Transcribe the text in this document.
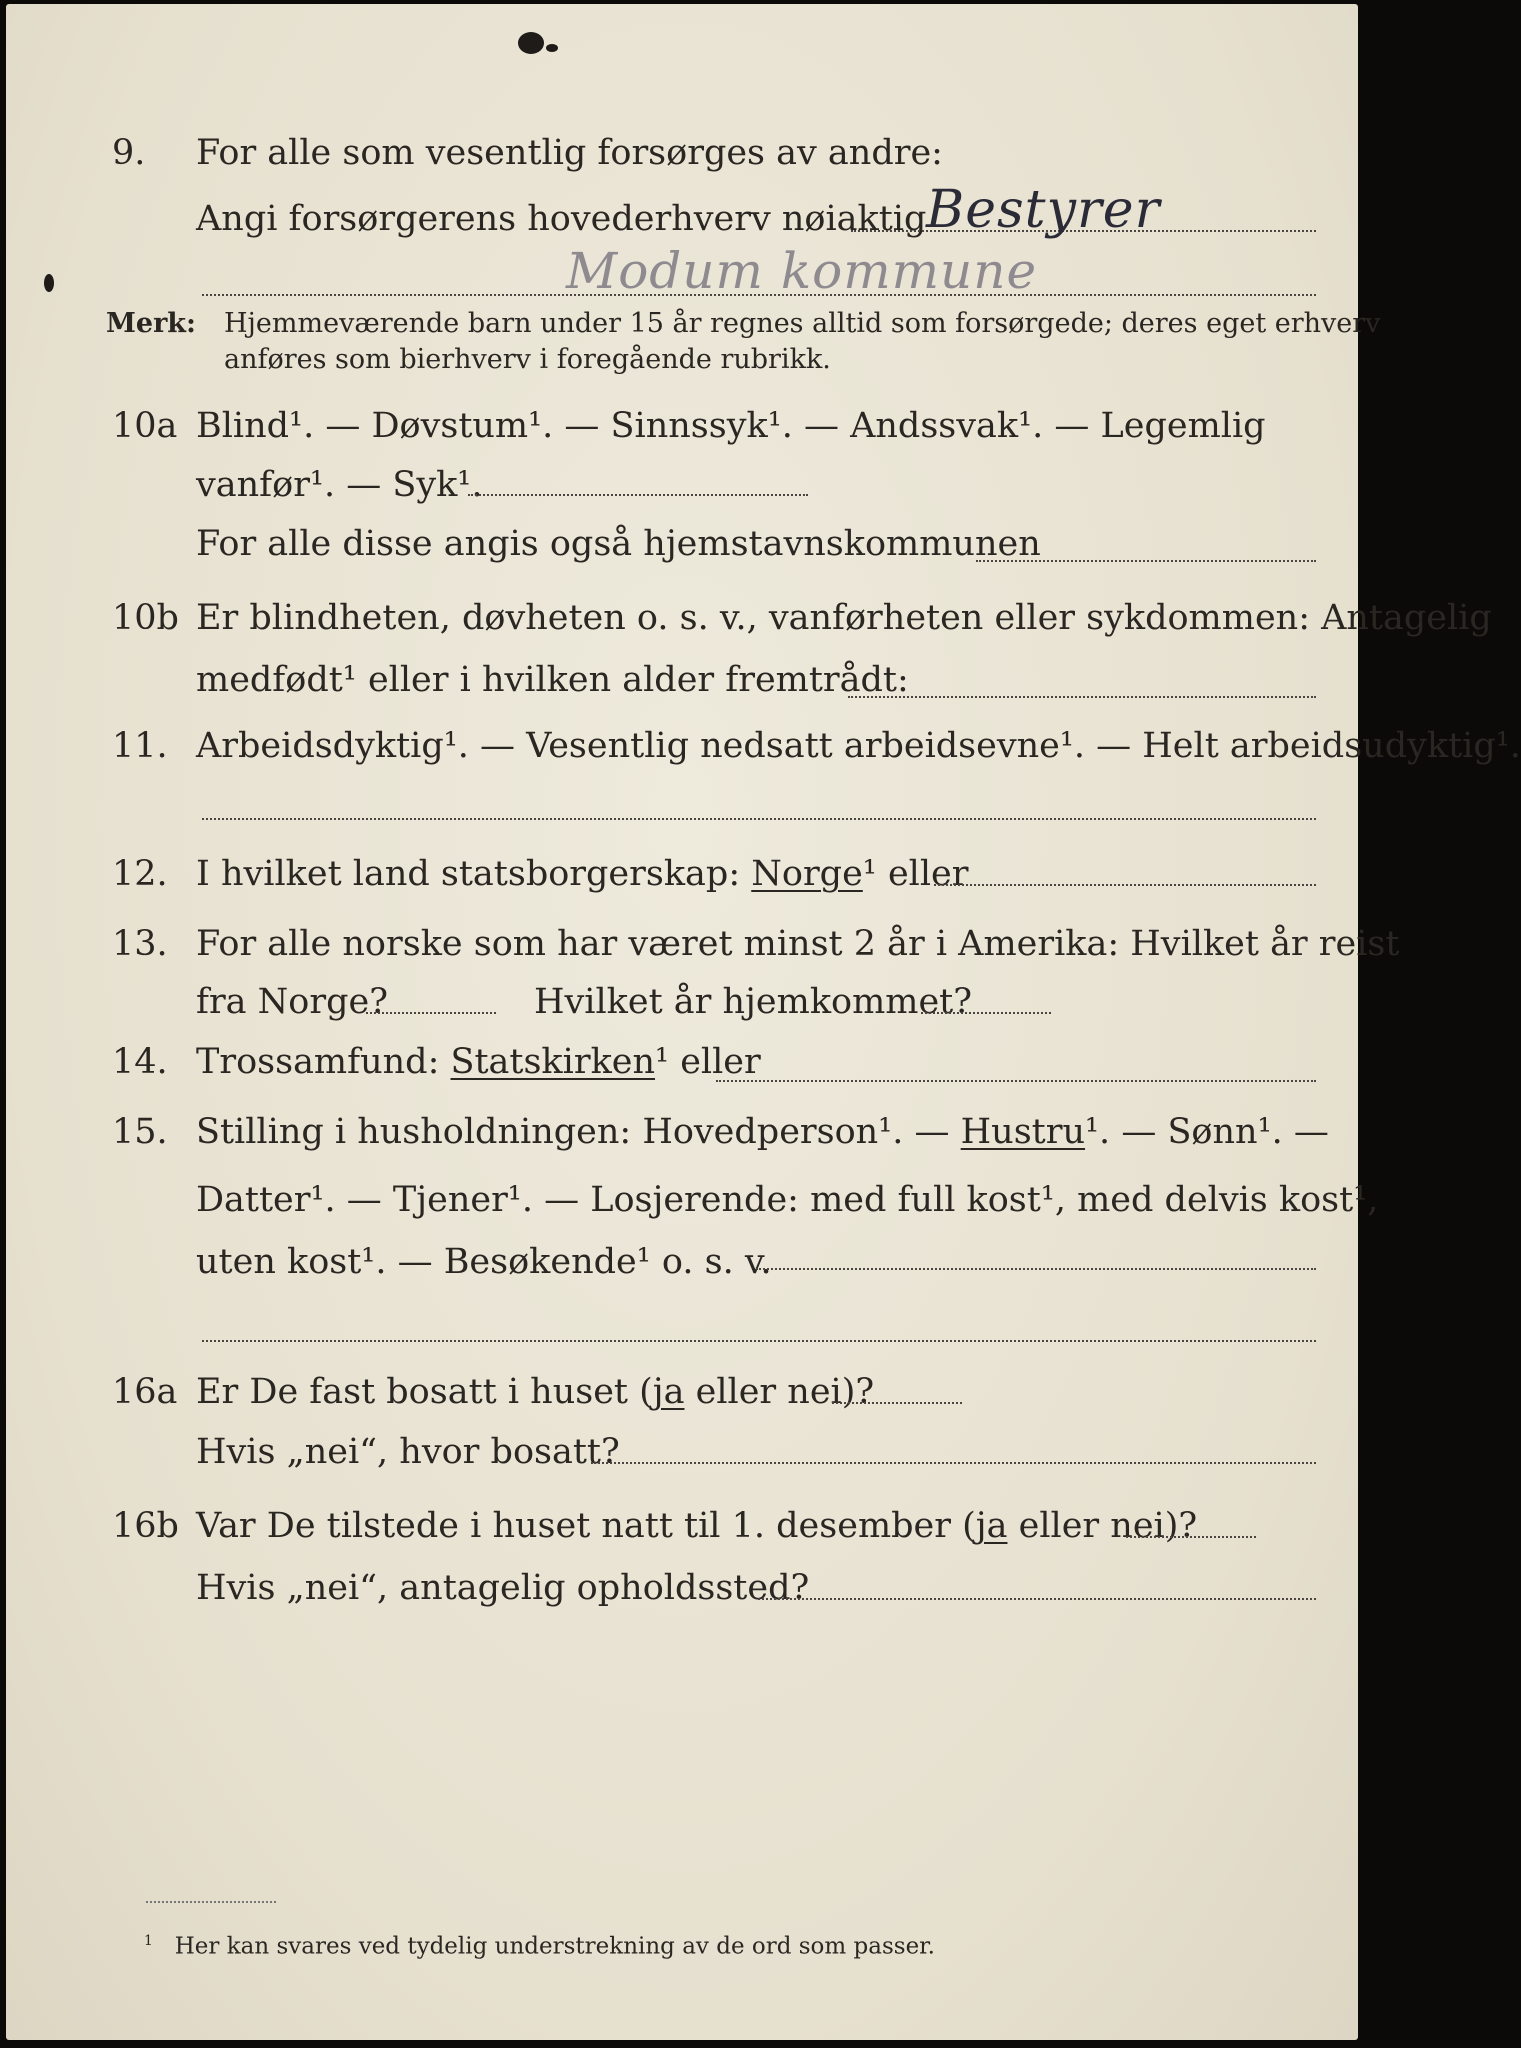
9. For alle som vesentlig forsørges av andre:
Angi forsørgerens hovederhverv nøiaktig Bestyrer
Modum kommune
Merk: Hjemmeværende barn under 15 år regnes alltid som forsørgede; deres eget erhverv
anføres som bierhverv i foregående rubrikk.
10a Blind¹. — Døvstum¹. — Sinnssyk¹. — Andssvak¹. — Legemlig
vanfør¹. — Syk¹.
For alle disse angis også hjemstavnskommunen
10b Er blindheten, døvheten o. s. v., vanførheten eller sykdommen: Antagelig
medfødt¹ eller i hvilken alder fremtrådt:
11. Arbeidsdyktig¹. — Vesentlig nedsatt arbeidsevne¹. — Helt arbeidsudyktig¹.
12. I hvilket land statsborgerskap: Norge¹ eller
13. For alle norske som har været minst 2 år i Amerika: Hvilket år reist
fra Norge?	Hvilket år hjemkommet?
14. Trossamfund: Statskirken¹ eller
15. Stilling i husholdningen: Hovedperson¹. — Hustru¹. — Sønn¹. —
Datter¹. — Tjener¹. — Losjerende: med full kost¹, med delvis kost¹,
uten kost¹. — Besøkende¹ o. s. v.
16a Er De fast bosatt i huset (ja eller nei)?
Hvis „nei“, hvor bosatt?
16b Var De tilstede i huset natt til 1. desember (ja eller nei)?
Hvis „nei“, antagelig opholdssted?
$^1$ Her kan svares ved tydelig understrekning av de ord som passer.
